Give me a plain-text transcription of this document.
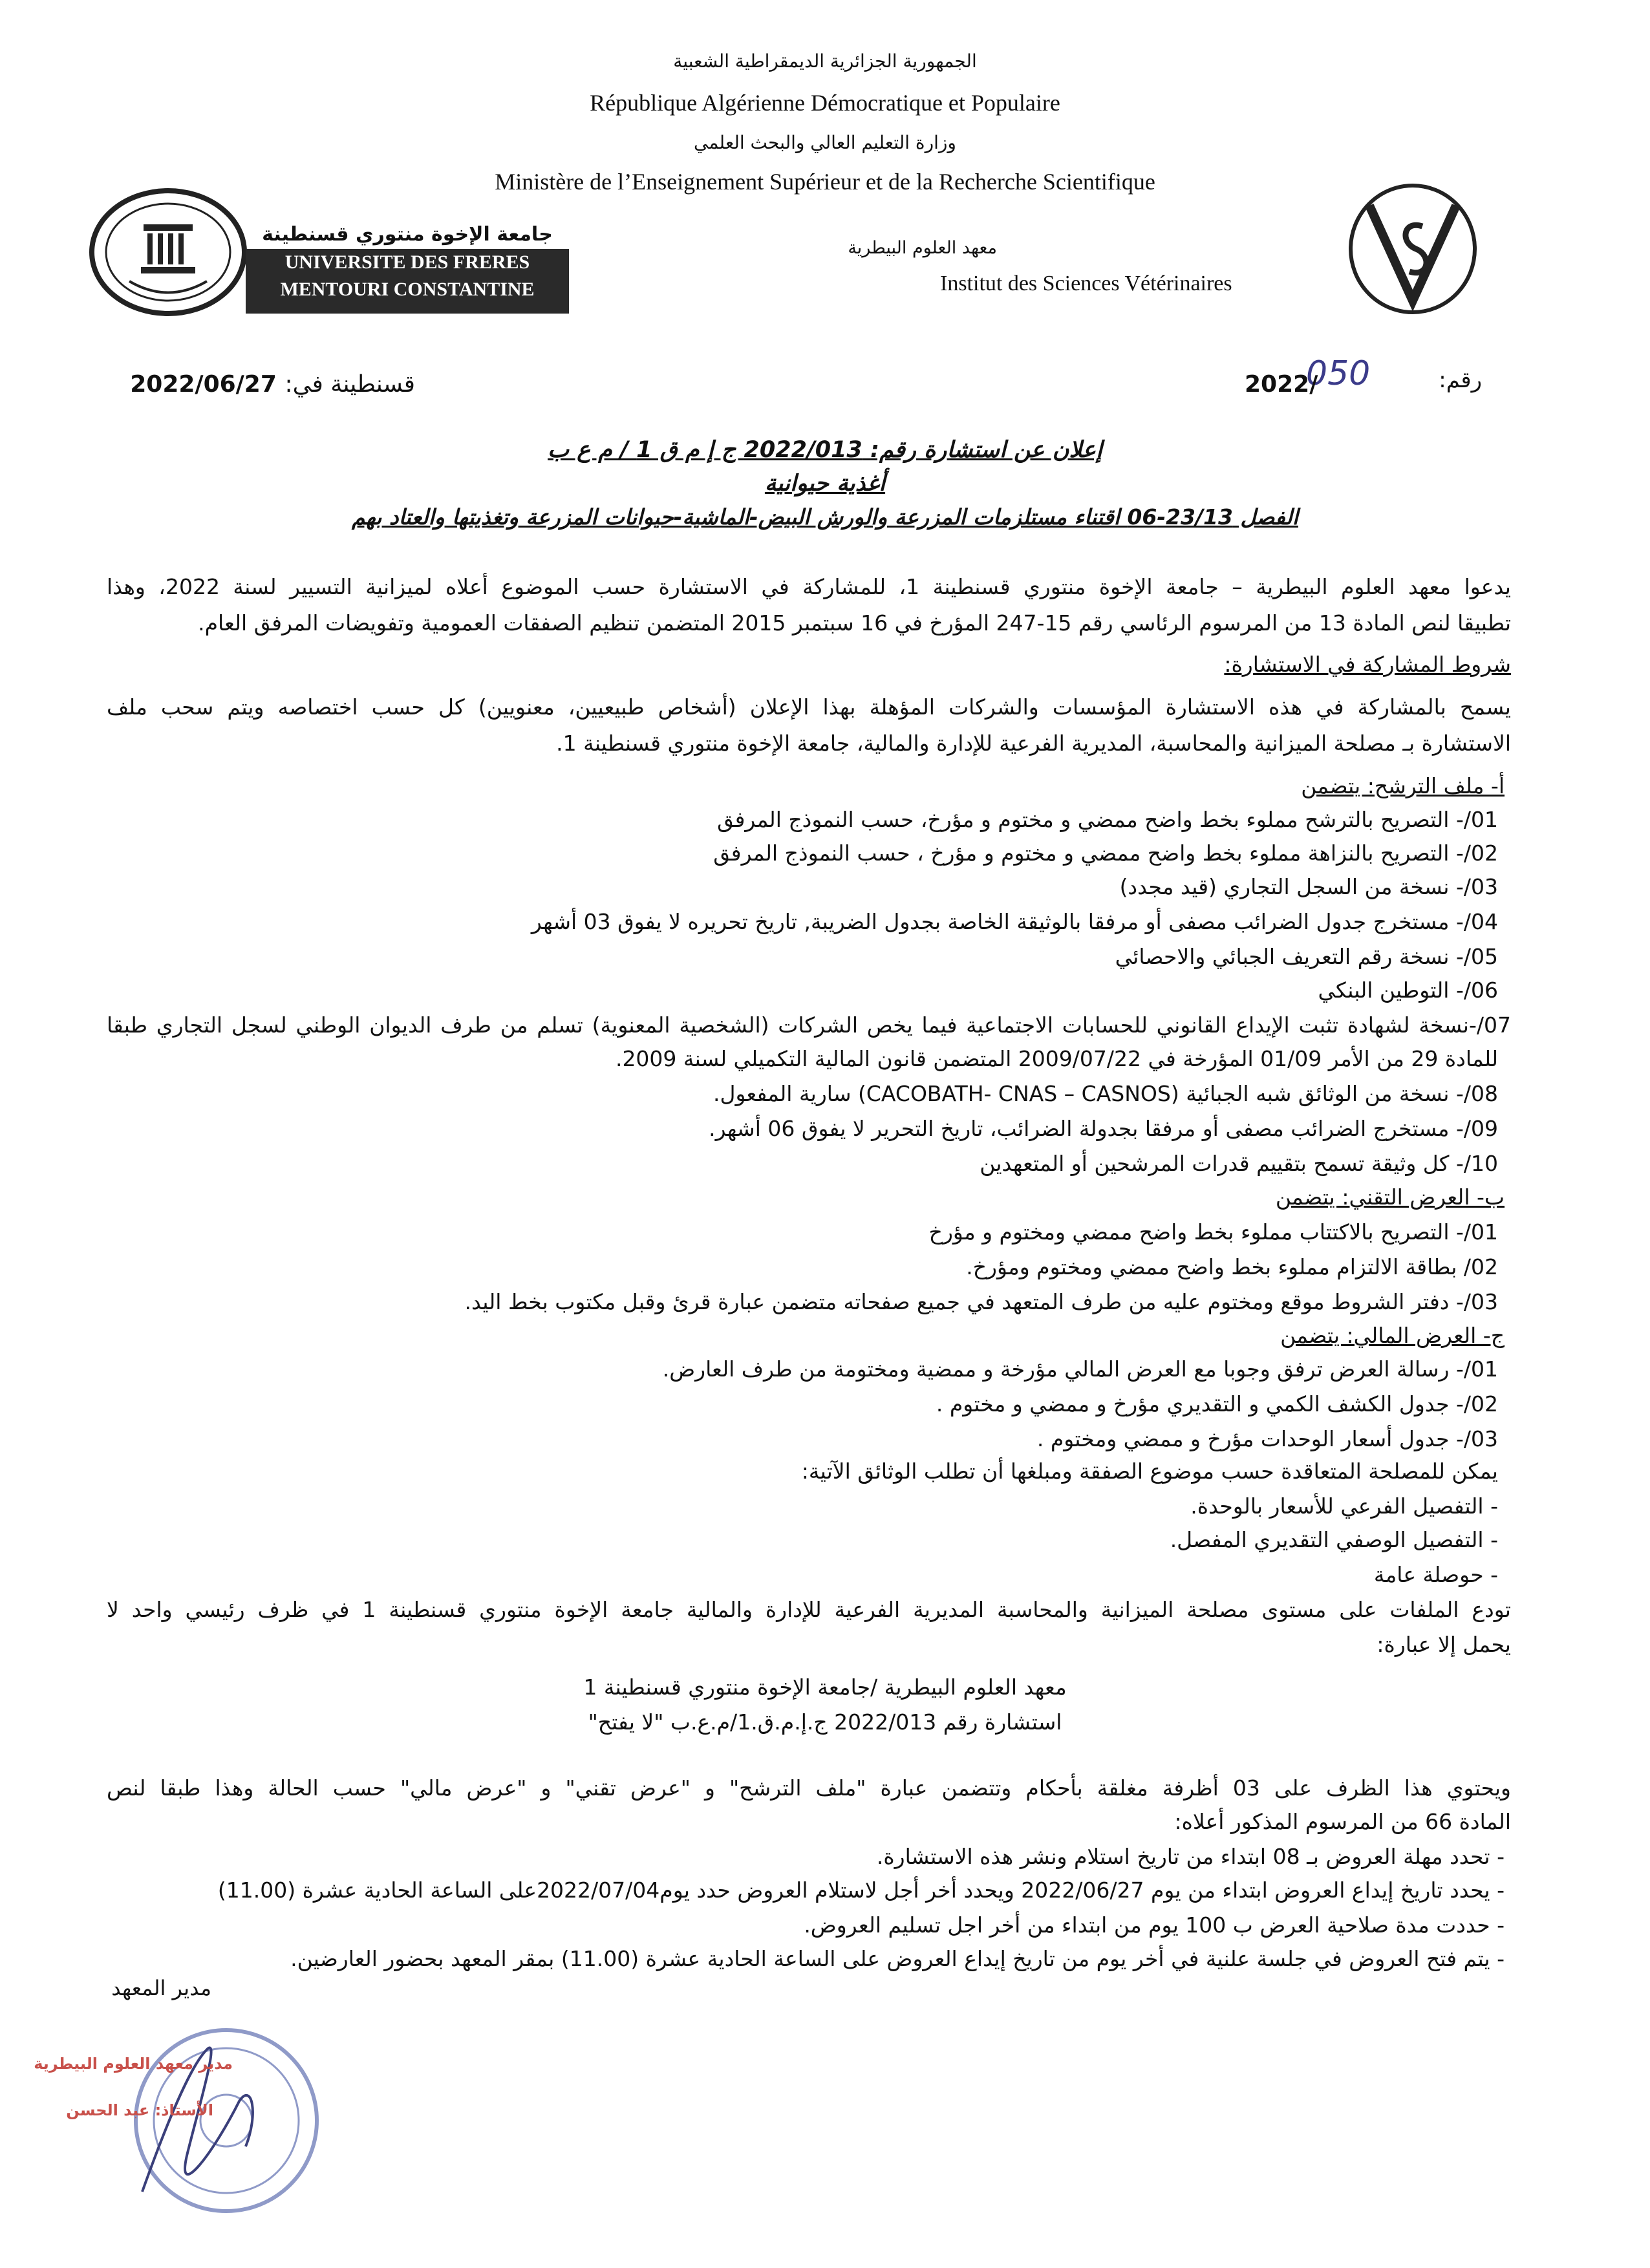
الجمهورية الجزائرية الديمقراطية الشعبية
République Algérienne Démocratique et Populaire
وزارة التعليم العالي والبحث العلمي
Ministère de l’Enseignement Supérieur et de la Recherche Scientifique
جامعة الإخوة منتوري قسنطينة
UNIVERSITE DES FRERES
MENTOURI CONSTANTINE
معهد العلوم البيطرية
Institut des Sciences Vétérinaires
قسنطينة في: 2022/06/27	رقم:
050
2022/
إعلان عن استشارة رقم: 2022/013 ج إ م ق 1 / م ع ب
أغذية حيوانية
الفصل 23/13-06 اقتناء مستلزمات المزرعة والورش البيض-الماشية-حيوانات المزرعة وتغذيتها والعتاد بهم
يدعوا معهد العلوم البيطرية – جامعة الإخوة منتوري قسنطينة 1، للمشاركة في الاستشارة حسب الموضوع أعلاه لميزانية التسيير لسنة 2022، وهذا
تطبيقا لنص المادة 13 من المرسوم الرئاسي رقم 15-247 المؤرخ في 16 سبتمبر 2015 المتضمن تنظيم الصفقات العمومية وتفويضات المرفق العام.
شروط المشاركة في الاستشارة:
يسمح بالمشاركة في هذه الاستشارة المؤسسات والشركات المؤهلة بهذا الإعلان (أشخاص طبيعيين، معنويين) كل حسب اختصاصه ويتم سحب ملف
الاستشارة بـ مصلحة الميزانية والمحاسبة، المديرية الفرعية للإدارة والمالية، جامعة الإخوة منتوري قسنطينة 1.
أ- ملف الترشح: يتضمن
01/- التصريح بالترشح مملوء بخط واضح ممضي و مختوم و مؤرخ، حسب النموذج المرفق
02/- التصريح بالنزاهة مملوء بخط واضح ممضي و مختوم و مؤرخ ، حسب النموذج المرفق
03/- نسخة من السجل التجاري (قيد مجدد)
04/- مستخرج جدول الضرائب مصفى أو مرفقا بالوثيقة الخاصة بجدول الضريبة, تاريخ تحريره لا يفوق 03 أشهر
05/- نسخة رقم التعريف الجبائي والاحصائي
06/- التوطين البنكي
07/-نسخة لشهادة تثبت الإيداع القانوني للحسابات الاجتماعية فيما يخص الشركات (الشخصية المعنوية) تسلم من طرف الديوان الوطني لسجل التجاري طبقا
للمادة 29 من الأمر 01/09 المؤرخة في 2009/07/22 المتضمن قانون المالية التكميلي لسنة 2009.
08/- نسخة من الوثائق شبه الجبائية (CACOBATH- CNAS – CASNOS) سارية المفعول.
09/- مستخرج الضرائب مصفى أو مرفقا بجدولة الضرائب، تاريخ التحرير لا يفوق 06 أشهر.
10/- كل وثيقة تسمح بتقييم قدرات المرشحين أو المتعهدين
ب- العرض التقني: يتضمن
01/- التصريح بالاكتتاب مملوء بخط واضح ممضي ومختوم و مؤرخ
02/ بطاقة الالتزام مملوء بخط واضح ممضي ومختوم ومؤرخ.
03/- دفتر الشروط موقع ومختوم عليه من طرف المتعهد في جميع صفحاته متضمن عبارة قرئ وقبل مكتوب بخط اليد.
ج- العرض المالي: يتضمن
01/- رسالة العرض ترفق وجوبا مع العرض المالي مؤرخة و ممضية ومختومة من طرف العارض.
02/- جدول الكشف الكمي و التقديري مؤرخ و ممضي و مختوم .
03/- جدول أسعار الوحدات مؤرخ و ممضي ومختوم .
يمكن للمصلحة المتعاقدة حسب موضوع الصفقة ومبلغها أن تطلب الوثائق الآتية:
- التفصيل الفرعي للأسعار بالوحدة.
- التفصيل الوصفي التقديري المفصل.
- حوصلة عامة
تودع الملفات على مستوى مصلحة الميزانية والمحاسبة المديرية الفرعية للإدارة والمالية جامعة الإخوة منتوري قسنطينة 1 في ظرف رئيسي واحد لا
يحمل إلا عبارة:
معهد العلوم البيطرية /جامعة الإخوة منتوري قسنطينة 1
استشارة رقم 2022/013 ج.إ.م.ق.1/م.ع.ب "لا يفتح"
ويحتوي هذا الظرف على 03 أظرفة مغلقة بأحكام وتتضمن عبارة "ملف الترشح" و "عرض تقني" و "عرض مالي" حسب الحالة وهذا طبقا لنص
المادة 66 من المرسوم المذكور أعلاه:
- تحدد مهلة العروض بـ 08 ابتداء من تاريخ استلام ونشر هذه الاستشارة.
- يحدد تاريخ إيداع العروض ابتداء من يوم 2022/06/27 ويحدد أخر أجل لاستلام العروض حدد يوم2022/07/04على الساعة الحادية عشرة (11.00)
- حددت مدة صلاحية العرض ب 100 يوم من ابتداء من أخر اجل تسليم العروض.
- يتم فتح العروض في جلسة علنية في أخر يوم من تاريخ إيداع العروض على الساعة الحادية عشرة (11.00) بمقر المعهد بحضور العارضين.
مدير المعهد
مدير معهد العلوم البيطرية
الأستاذ: عبد الحسن
